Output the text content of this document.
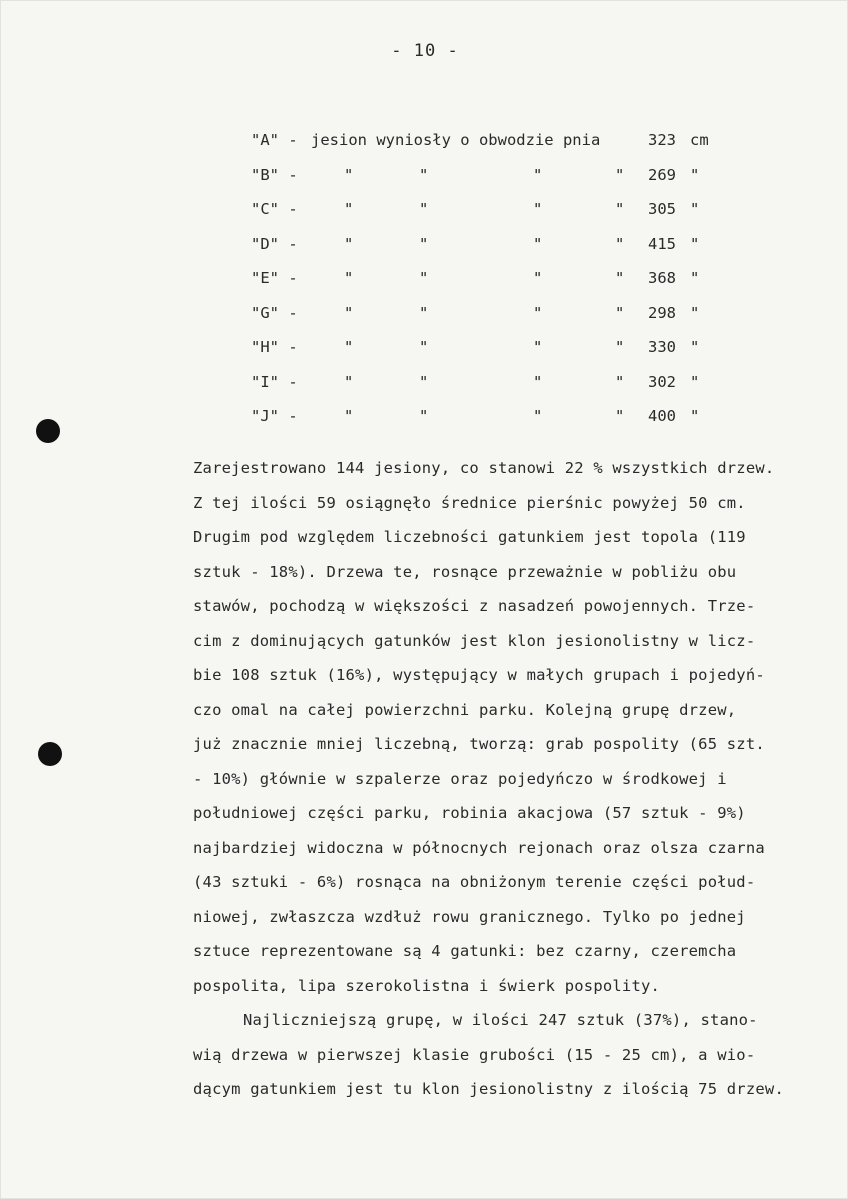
- 10 -
"A" - jesion wyniosły o obwodzie pnia	323 cm
"B" -	"	"	"	" 269 "
"C" -	"	"	"	" 305 "
"D" -	"	"	"	" 415 "
"E" -	"	"	"	" 368 "
"G" -	"	"	"	" 298 "
"H" -	"	"	"	" 330 "
"I" -	"	"	"	" 302 "
"J" -	"	"	"	" 400 "
Zarejestrowano 144 jesiony, co stanowi 22 % wszystkich drzew.
Z tej ilości 59 osiągnęło średnice pierśnic powyżej 50 cm.
Drugim pod względem liczebności gatunkiem jest topola (119
sztuk - 18%). Drzewa te, rosnące przeważnie w pobliżu obu
stawów, pochodzą w większości z nasadzeń powojennych. Trze-
cim z dominujących gatunków jest klon jesionolistny w licz-
bie 108 sztuk (16%), występujący w małych grupach i pojedyń-
czo omal na całej powierzchni parku. Kolejną grupę drzew,
już znacznie mniej liczebną, tworzą: grab pospolity (65 szt.
- 10%) głównie w szpalerze oraz pojedyńczo w środkowej i
południowej części parku, robinia akacjowa (57 sztuk - 9%)
najbardziej widoczna w północnych rejonach oraz olsza czarna
(43 sztuki - 6%) rosnąca na obniżonym terenie części połud-
niowej, zwłaszcza wzdłuż rowu granicznego. Tylko po jednej
sztuce reprezentowane są 4 gatunki: bez czarny, czeremcha
pospolita, lipa szerokolistna i świerk pospolity.
Najliczniejszą grupę, w ilości 247 sztuk (37%), stano-
wią drzewa w pierwszej klasie grubości (15 - 25 cm), a wio-
dącym gatunkiem jest tu klon jesionolistny z ilością 75 drzew.
